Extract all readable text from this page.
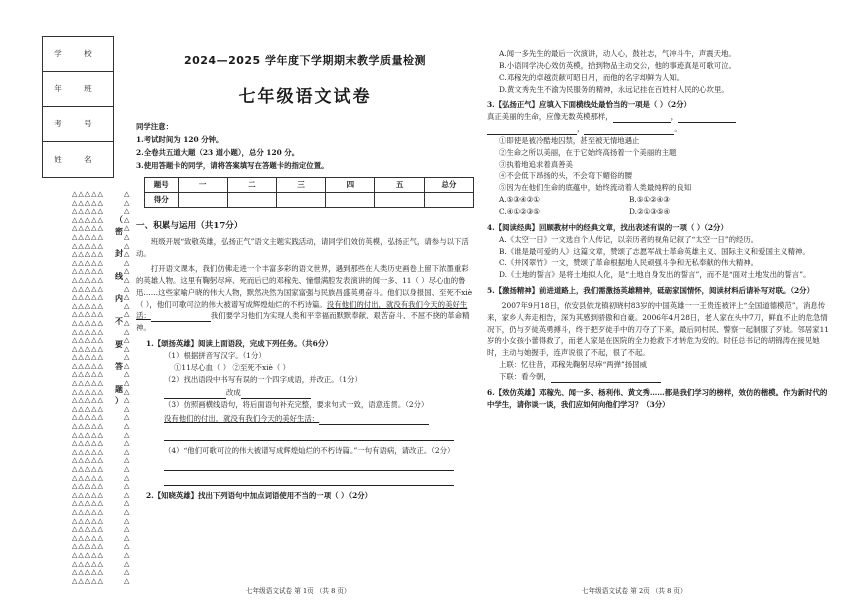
学 校
年 班
考 号
姓 名
△△△△△
△△△△△
△△△△△
△△△△△
△△△△△
△△△△△
△△△△△
△△△△△
△△△△△
△△△△△
△△△△△
△△△△△
△△△△△
△△△△△
△△△△△
△△△△△
△△△△△
△△△△△
△△△△△
△△△△△
△△△△△
△△△△△
△△△△△
△△△△△
△△△△△
△△△△△
△△△△△
△△△△△
△△△△△
△△△△△
△△△△△
△△△△△
△△△△△
△△△△△
△△△△△
△△△△△
△△△△△
△△△△△
△△△△△
△△△△△
△△△△△
△△△△△
△△△△△
△△△△△
△△△△△
△△△△△
△
△
△
△
△
△
△
△
△
△
△
△
△
△
△
△
△
△
△
△
△
△
△
△
△
△
△
△
△
△
△
△
△
△
△
△
△
△
△
△
△
△
△
△
△
△
（
密
封
线
内
不
要
答
题
）
2024—2025 学年度下学期期末教学质量检测
七年级语文试卷
同学注意：
1.考试时间为 120 分钟。
2.全卷共五道大题（23 道小题），总分 120 分。
3.使用答题卡的同学，请将答案填写在答题卡的指定位置。
题号	一	二	三	四	五	总分
得分						
一、积累与运用（共17分）
班级开展“致敬英雄，弘扬正气”语文主题实践活动，请同学们效仿英模，弘扬正气，请参与以下活动。
打开语文课本，我们仿佛走进一个丰富多彩的语文世界，遇到那些在人类历史画卷上留下浓墨重彩的英雄人物。这里有鞠躬尽瘁、死而后已的邓稼先、憧憬满腔发表演讲的闻一多、11（ ）尽心血的鲁迅……这些家喻户晓的伟大人物，默然决然为国家富强与民族昌盛英勇奋斗。他们以身报国、至死不xiè（ ），他们可歌可泣的伟大被谱写成辉煌灿烂的不朽诗篇。没有他们的付出，就没有我们今天的美好生活：	我们要学习他们为实现人类和平幸福而默默奉献、艰苦奋斗、不屈不挠的革命精神。
1.【颂扬英雄】阅读上面语段，完成下列任务。（共6分）
（1）根据拼音写汉字。（1分）
①11尽心血（ ） ②至死不xiè（ ）
（2）找出语段中书写有误的一个四字成语，并改正。（1分）
改成
（3）仿照画横线语句，将后面语句补充完整，要求句式一致，语意连贯。（2分）
没有他们的付出，就没有我们今天的美好生活：
（4）“他们可歌可泣的伟大被谱写成辉煌灿烂的不朽诗篇。”一句有语病，请改正。（2分）
2.【知晓英雄】找出下列语句中加点词语使用不当的一项（ ）（2分）
七年级语文试卷 第 1页 （共 8 页）
A.闻一多先生的最后一次演讲，动人心，鼓社志，气冲斗牛，声震天地。
B.小语同学决心效仿英模，拾到物品主动交公，他的事迹真是可歌可泣。
C.邓稼先的卓越贡献可昭日月，而他的名字却鲜为人知。
D.黄文秀先生不渝为民服务的精神，永远记挂在百姓村人民的心坎里。
3.【弘扬正气】应填入下面横线处最恰当的一项是（ ）（2分）
真正美丽的生命，应像无数英模那样，	，
，	。
①即使是被冷酷地囚禁，甚至被无情地遇止
②生命之所以美丽，在于它始终高扬着一个美丽的主题
③执着地追求着真善美
④不会低下昂扬的头，不会弯下媚俗的腰
⑤因为在他们生命的底蕴中，始终流动着人类最纯粹的良知
A.⑤③④②①	B.⑤①②④③
C.④①②③⑤	D.②①③⑤④
4.【阅读经典】回顾教材中的经典文章，找出表述有误的一项（ ）（2分）
A.《太空一日》一文选自个人传记，以亲历者的视角记叙了“太空一日”的经历。
B.《谁是最可爱的人》这篇文章，赞颂了志愿军战士革命英雄主义、国际主义和爱国主义精神。
C.《井冈翠竹》一文，赞颂了革命根据地人民顽强斗争和无私奉献的伟大精神。
D.《土地的誓言》是将土地拟人化，是“土地自身发出的誓言”，而不是“面对土地发出的誓言”。
5.【激扬精神】前进道路上，我们需激扬英雄精神，砥砺家国情怀，阅读材料后请补写对联。（2分）
2007年9月18日，依安县依龙镇初晓村83岁的中国英雄一一王贵连被评上“全国道德模范”，消息传来，家乡人奔走相告，深为其感到骄傲和自豪。2006年4月28日，老人家在头中7刀，鲜血不止的危急情况下，仍与歹徒英勇搏斗，终于把歹徒手中的刀夺了下来，最后同村民、警察一起制服了歹徒。邻居家11岁的小女孩小蕾得救了，而老人家是在医院的全力抢救下才转危为安的。时任总书记的胡锦涛在接见她时，主动与她握手，连声说很了不起，很了不起。
上联：忆往昔，邓稼先鞠躬尽瘁“两弹”扬国威
下联：看今朝，
6.【效仿英雄】邓稼先、闻一多、杨利伟、黄文秀……都是我们学习的榜样，效仿的楷模。作为新时代的中学生，请你谈一谈，我们应如何向他们学习？（3分）
七年级语文试卷 第 2页 （共 8 页）
